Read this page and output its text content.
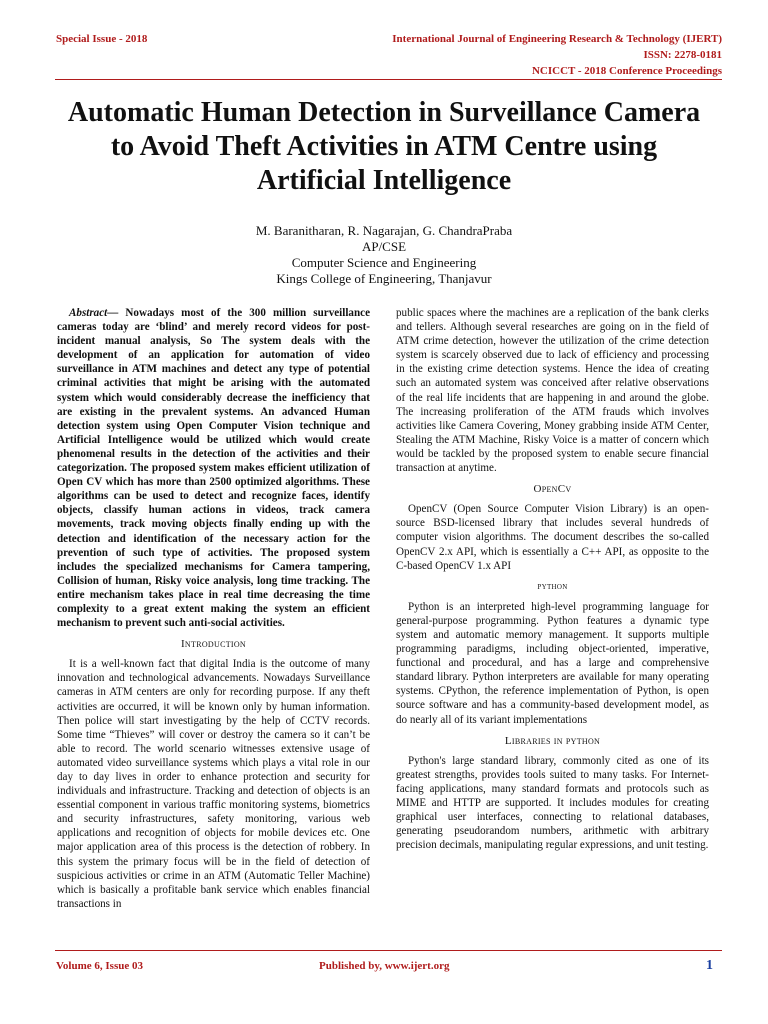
Special Issue - 2018	International Journal of Engineering Research & Technology (IJERT)
ISSN: 2278-0181
NCICCT - 2018 Conference Proceedings
Automatic Human Detection in Surveillance Camera to Avoid Theft Activities in ATM Centre using Artificial Intelligence
M. Baranitharan, R. Nagarajan, G. ChandraPraba
AP/CSE
Computer Science and Engineering
Kings College of Engineering, Thanjavur

Abstract— Nowadays most of the 300 million surveillance cameras today are ‘blind’ and merely record videos for post-incident manual analysis, So The system deals with the development of an application for automation of video surveillance in ATM machines and detect any type of potential criminal activities that might be arising with the automated system which would considerably decrease the inefficiency that are existing in the prevalent systems. An advanced Human detection system using Open Computer Vision technique and Artificial Intelligence would be utilized which would create phenomenal results in the detection of the activities and their categorization. The proposed system makes efficient utilization of Open CV which has more than 2500 optimized algorithms. These algorithms can be used to detect and recognize faces, identify objects, classify human actions in videos, track camera movements, track moving objects finally ending up with the detection and identification of the necessary action for the prevention of such type of activities. The proposed system includes the specialized mechanisms for Camera tampering, Collision of human, Risky voice analysis, long time tracking. The entire mechanism takes place in real time decreasing the time complexity to a great extent making the system an efficient mechanism to prevent such anti-social activities.

Introduction

It is a well-known fact that digital India is the outcome of many innovation and technological advancements. Nowadays Surveillance cameras in ATM centers are only for recording purpose. If any theft activities are occurred, it will be known only by human information. Then police will start investigating by the help of CCTV records. Some time “Thieves” will cover or destroy the camera so it can’t be able to record. The world scenario witnesses extensive usage of automated video surveillance systems which plays a vital role in our day to day lives in order to enhance protection and security for individuals and infrastructure. Tracking and detection of objects is an essential component in various traffic monitoring systems, biometrics and security infrastructures, safety monitoring, various web applications and recognition of objects for mobile devices etc. One major application area of this process is the detection of robbery. In this system the primary focus will be in the field of detection of suspicious activities or crime in an ATM (Automatic Teller Machine) which is basically a profitable bank service which enables financial transactions in

public spaces where the machines are a replication of the bank clerks and tellers. Although several researches are going on in the field of ATM crime detection, however the utilization of the crime detection system is scarcely observed due to lack of efficiency and processing in the existing crime detection systems. Hence the idea of creating such an automated system was conceived after relative observations of the real life incidents that are happening in and around the globe. The increasing proliferation of the ATM frauds which involves activities like Camera Covering, Money grabbing inside ATM Center, Stealing the ATM Machine, Risky Voice is a matter of concern which would be tackled by the proposed system to enable secure financial transaction at anytime.

OpenCv

OpenCV (Open Source Computer Vision Library) is an open-source BSD-licensed library that includes several hundreds of computer vision algorithms. The document describes the so-called OpenCV 2.x API, which is essentially a C++ API, as opposite to the C-based OpenCV 1.x API

python

Python is an interpreted high-level programming language for general-purpose programming. Python features a dynamic type system and automatic memory management. It supports multiple programming paradigms, including object-oriented, imperative, functional and procedural, and has a large and comprehensive standard library. Python interpreters are available for many operating systems. CPython, the reference implementation of Python, is open source software and has a community-based development model, as do nearly all of its variant implementations

Libraries in python

Python's large standard library, commonly cited as one of its greatest strengths, provides tools suited to many tasks. For Internet-facing applications, many standard formats and protocols such as MIME and HTTP are supported. It includes modules for creating graphical user interfaces, connecting to relational databases, generating pseudorandom numbers, arithmetic with arbitrary precision decimals, manipulating regular expressions, and unit testing.

Volume 6, Issue 03	Published by, www.ijert.org	1
